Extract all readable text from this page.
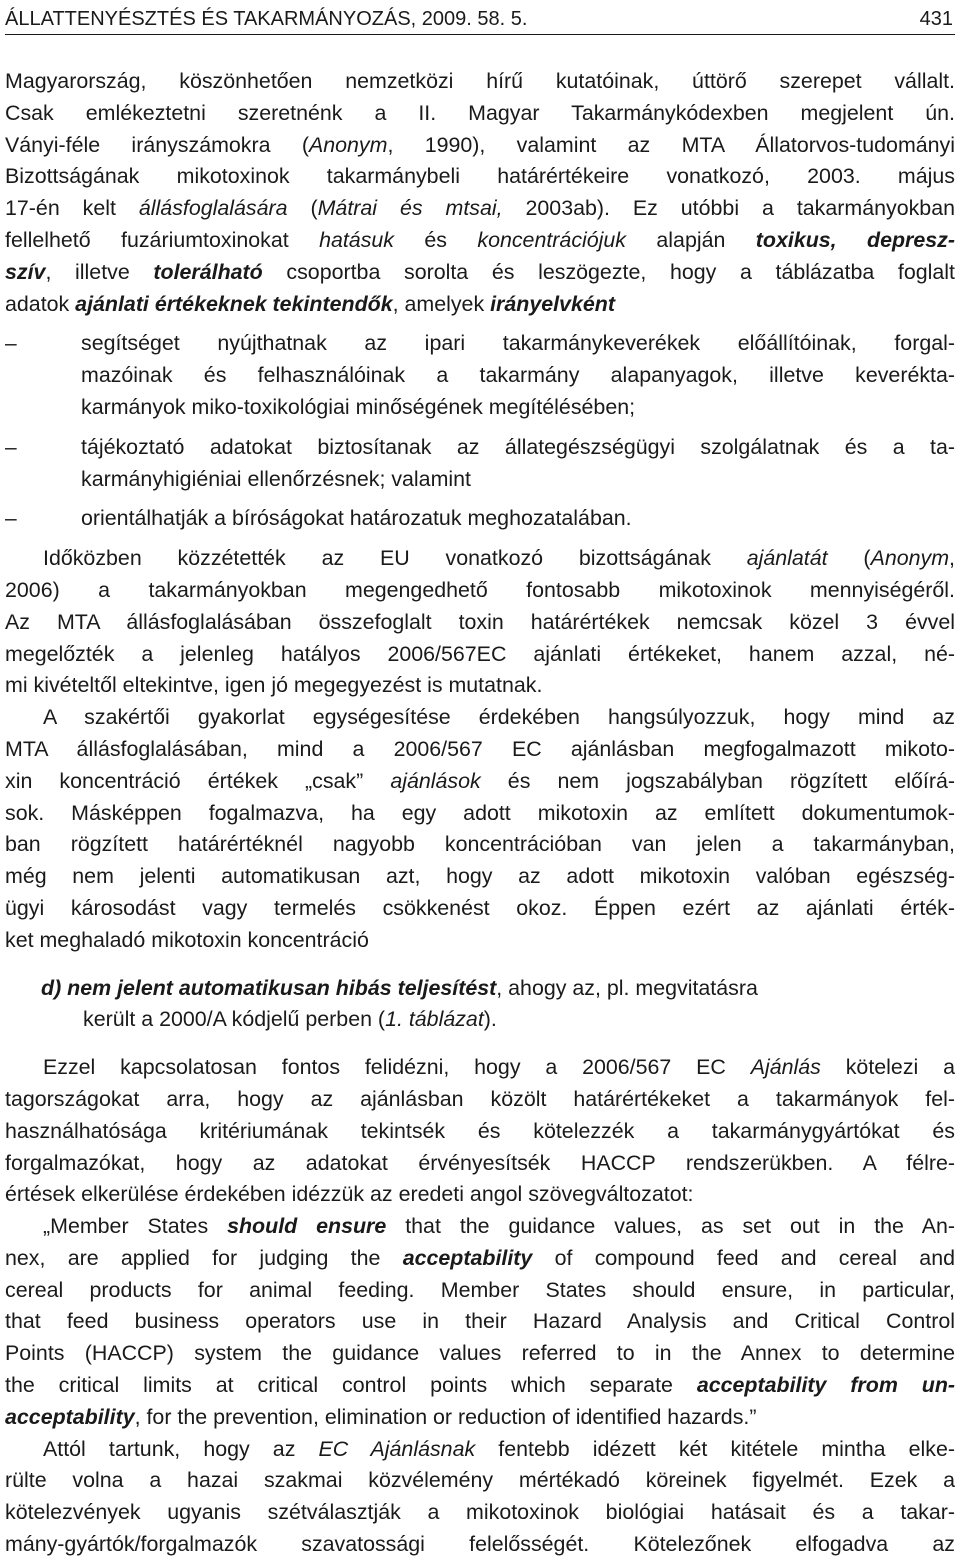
ÁLLATTENYÉSZTÉS ÉS TAKARMÁNYOZÁS, 2009. 58. 5.	431
Magyarország, köszönhetően nemzetközi hírű kutatóinak, úttörő szerepet vállalt.
Csak emlékeztetni szeretnénk a II. Magyar Takarmánykódexben megjelent ún.
Ványi-féle irányszámokra (Anonym, 1990), valamint az MTA Állatorvos-tudományi
Bizottságának mikotoxinok takarmánybeli határértékeire vonatkozó, 2003. május
17-én kelt állásfoglalására (Mátrai és mtsai, 2003ab). Ez utóbbi a takarmányokban
fellelhető fuzáriumtoxinokat hatásuk és koncentrációjuk alapján toxikus, depresz-
szív, illetve tolerálható csoportba sorolta és leszögezte, hogy a táblázatba foglalt
adatok ajánlati értékeknek tekintendők, amelyek irányelvként
–	segítséget nyújthatnak az ipari takarmánykeverékek előállítóinak, forgal-
mazóinak és felhasználóinak a takarmány alapanyagok, illetve keverékta-
karmányok miko-toxikológiai minőségének megítélésében;
–	tájékoztató adatokat biztosítanak az állategészségügyi szolgálatnak és a ta-
karmányhigiéniai ellenőrzésnek; valamint
–	orientálhatják a bíróságokat határozatuk meghozatalában.
Időközben közzétették az EU vonatkozó bizottságának ajánlatát (Anonym,
2006) a takarmányokban megengedhető fontosabb mikotoxinok mennyiségéről.
Az MTA állásfoglalásában összefoglalt toxin határértékek nemcsak közel 3 évvel
megelőzték a jelenleg hatályos 2006/567EC ajánlati értékeket, hanem azzal, né-
mi kivételtől eltekintve, igen jó megegyezést is mutatnak.
A szakértői gyakorlat egységesítése érdekében hangsúlyozzuk, hogy mind az
MTA állásfoglalásában, mind a 2006/567 EC ajánlásban megfogalmazott mikoto-
xin koncentráció értékek „csak” ajánlások és nem jogszabályban rögzített előírá-
sok. Másképpen fogalmazva, ha egy adott mikotoxin az említett dokumentumok-
ban rögzített határértéknél nagyobb koncentrációban van jelen a takarmányban,
még nem jelenti automatikusan azt, hogy az adott mikotoxin valóban egészség-
ügyi károsodást vagy termelés csökkenést okoz. Éppen ezért az ajánlati érték-
ket meghaladó mikotoxin koncentráció
d) nem jelent automatikusan hibás teljesítést, ahogy az, pl. megvitatásra
került a 2000/A kódjelű perben (1. táblázat).
Ezzel kapcsolatosan fontos felidézni, hogy a 2006/567 EC Ajánlás kötelezi a
tagországokat arra, hogy az ajánlásban közölt határértékeket a takarmányok fel-
használhatósága kritériumának tekintsék és kötelezzék a takarmánygyártókat és
forgalmazókat, hogy az adatokat érvényesítsék HACCP rendszerükben. A félre-
értések elkerülése érdekében idézzük az eredeti angol szövegváltozatot:
„Member States should ensure that the guidance values, as set out in the An-
nex, are applied for judging the acceptability of compound feed and cereal and
cereal products for animal feeding. Member States should ensure, in particular,
that feed business operators use in their Hazard Analysis and Critical Control
Points (HACCP) system the guidance values referred to in the Annex to determine
the critical limits at critical control points which separate acceptability from un-
acceptability, for the prevention, elimination or reduction of identified hazards.”
Attól tartunk, hogy az EC Ajánlásnak fentebb idézett két kitétele mintha elke-
rülte volna a hazai szakmai közvélemény mértékadó köreinek figyelmét. Ezek a
kötelezvények ugyanis szétválasztják a mikotoxinok biológiai hatásait és a takar-
mány-gyártók/forgalmazók szavatossági felelősségét. Kötelezőnek elfogadva az
